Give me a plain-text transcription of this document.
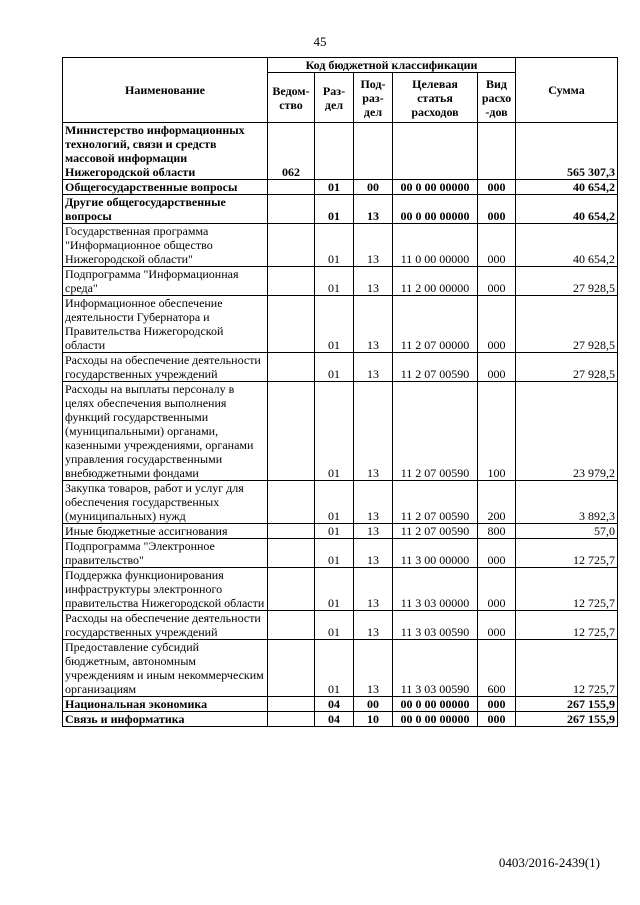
45
Наименование	Код бюджетной классификации					Сумма
	Ведом-ство	Раз-дел	Под-раз-дел	Целевая статья расходов	Вид расхо-дов	
Министерство информационных технологий, связи и средств массовой информации Нижегородской области	062					565 307,3
Общегосударственные вопросы		01	00	00 0 00 00000	000	40 654,2
Другие общегосударственные вопросы		01	13	00 0 00 00000	000	40 654,2
Государственная программа "Информационное общество Нижегородской области"		01	13	11 0 00 00000	000	40 654,2
Подпрограмма "Информационная среда"		01	13	11 2 00 00000	000	27 928,5
Информационное обеспечение деятельности Губернатора и Правительства Нижегородской области		01	13	11 2 07 00000	000	27 928,5
Расходы на обеспечение деятельности государственных учреждений		01	13	11 2 07 00590	000	27 928,5
Расходы на выплаты персоналу в целях обеспечения выполнения функций государственными (муниципальными) органами, казенными учреждениями, органами управления государственными внебюджетными фондами		01	13	11 2 07 00590	100	23 979,2
Закупка товаров, работ и услуг для обеспечения государственных (муниципальных) нужд		01	13	11 2 07 00590	200	3 892,3
Иные бюджетные ассигнования		01	13	11 2 07 00590	800	57,0
Подпрограмма "Электронное правительство"		01	13	11 3 00 00000	000	12 725,7
Поддержка функционирования инфраструктуры электронного правительства Нижегородской области		01	13	11 3 03 00000	000	12 725,7
Расходы на обеспечение деятельности государственных учреждений		01	13	11 3 03 00590	000	12 725,7
Предоставление субсидий бюджетным, автономным учреждениям и иным некоммерческим организациям		01	13	11 3 03 00590	600	12 725,7
Национальная экономика		04	00	00 0 00 00000	000	267 155,9
Связь и информатика		04	10	00 0 00 00000	000	267 155,9
0403/2016-2439(1)
